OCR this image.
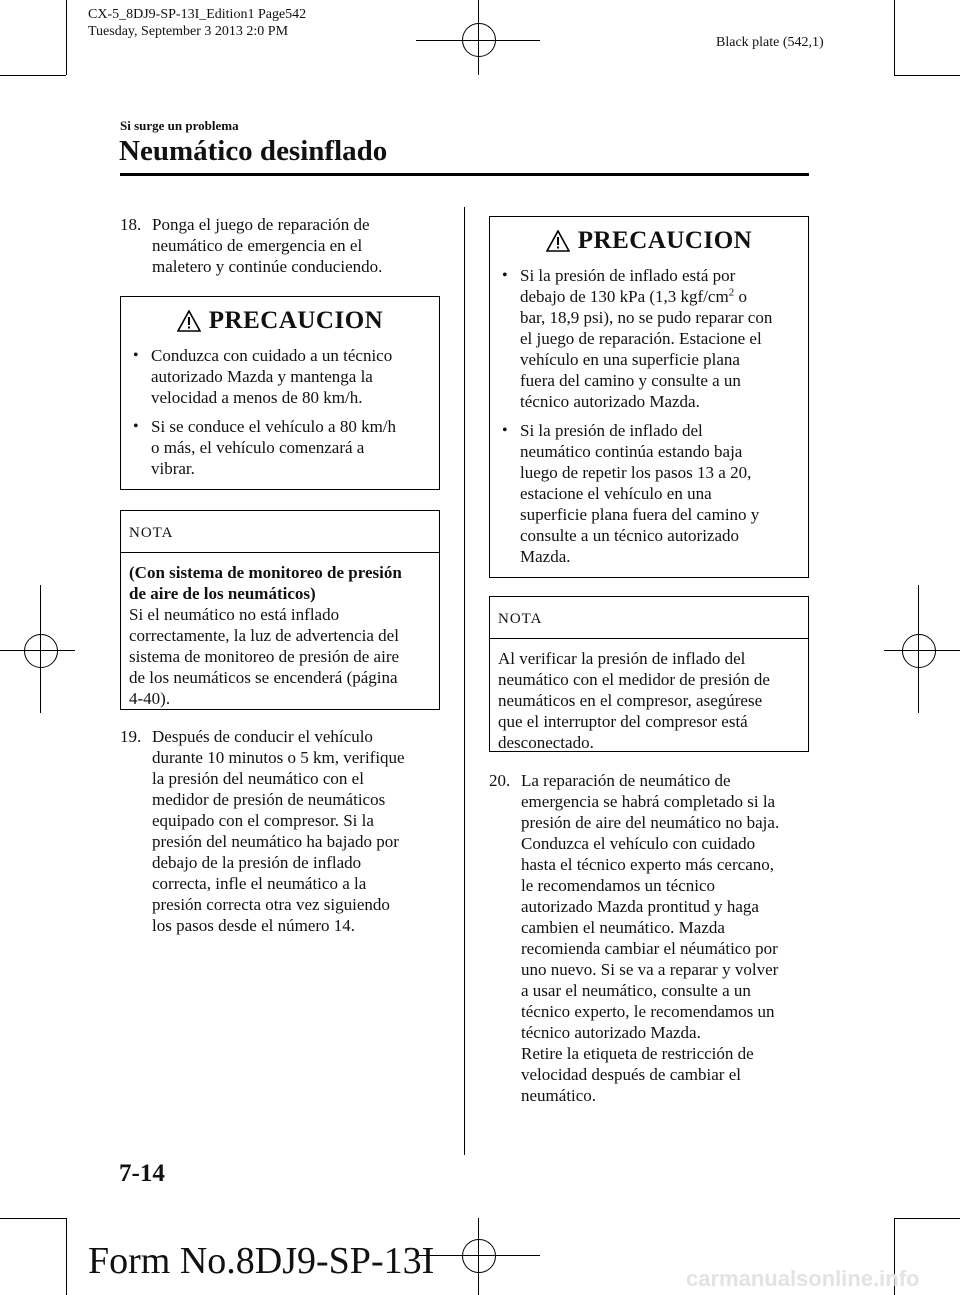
CX-5_8DJ9-SP-13I_Edition1 Page542
Tuesday, September 3 2013 2:0 PM
Black plate (542,1)
Si surge un problema
Neumático desinflado
18. Ponga el juego de reparación de
neumático de emergencia en el
maletero y continúe conduciendo.
PRECAUCION
• Conduzca con cuidado a un técnico
autorizado Mazda y mantenga la
velocidad a menos de 80 km/h.
• Si se conduce el vehículo a 80 km/h
o más, el vehículo comenzará a
vibrar.
NOTA
(Con sistema de monitoreo de presión
de aire de los neumáticos)
Si el neumático no está inflado
correctamente, la luz de advertencia del
sistema de monitoreo de presión de aire
de los neumáticos se encenderá (página
4-40).
19. Después de conducir el vehículo
durante 10 minutos o 5 km, verifique
la presión del neumático con el
medidor de presión de neumáticos
equipado con el compresor. Si la
presión del neumático ha bajado por
debajo de la presión de inflado
correcta, infle el neumático a la
presión correcta otra vez siguiendo
los pasos desde el número 14.
PRECAUCION
• Si la presión de inflado está por
debajo de 130 kPa (1,3 kgf/$cm^2$ o
bar, 18,9 psi), no se pudo reparar con
el juego de reparación. Estacione el
vehículo en una superficie plana
fuera del camino y consulte a un
técnico autorizado Mazda.
• Si la presión de inflado del
neumático continúa estando baja
luego de repetir los pasos 13 a 20,
estacione el vehículo en una
superficie plana fuera del camino y
consulte a un técnico autorizado
Mazda.
NOTA
Al verificar la presión de inflado del
neumático con el medidor de presión de
neumáticos en el compresor, asegúrese
que el interruptor del compresor está
desconectado.
20. La reparación de neumático de
emergencia se habrá completado si la
presión de aire del neumático no baja.
Conduzca el vehículo con cuidado
hasta el técnico experto más cercano,
le recomendamos un técnico
autorizado Mazda prontitud y haga
cambien el neumático. Mazda
recomienda cambiar el néumático por
uno nuevo. Si se va a reparar y volver
a usar el neumático, consulte a un
técnico experto, le recomendamos un
técnico autorizado Mazda.
Retire la etiqueta de restricción de
velocidad después de cambiar el
neumático.
7-14
Form No.8DJ9-SP-13I	carmanualsonline.info
